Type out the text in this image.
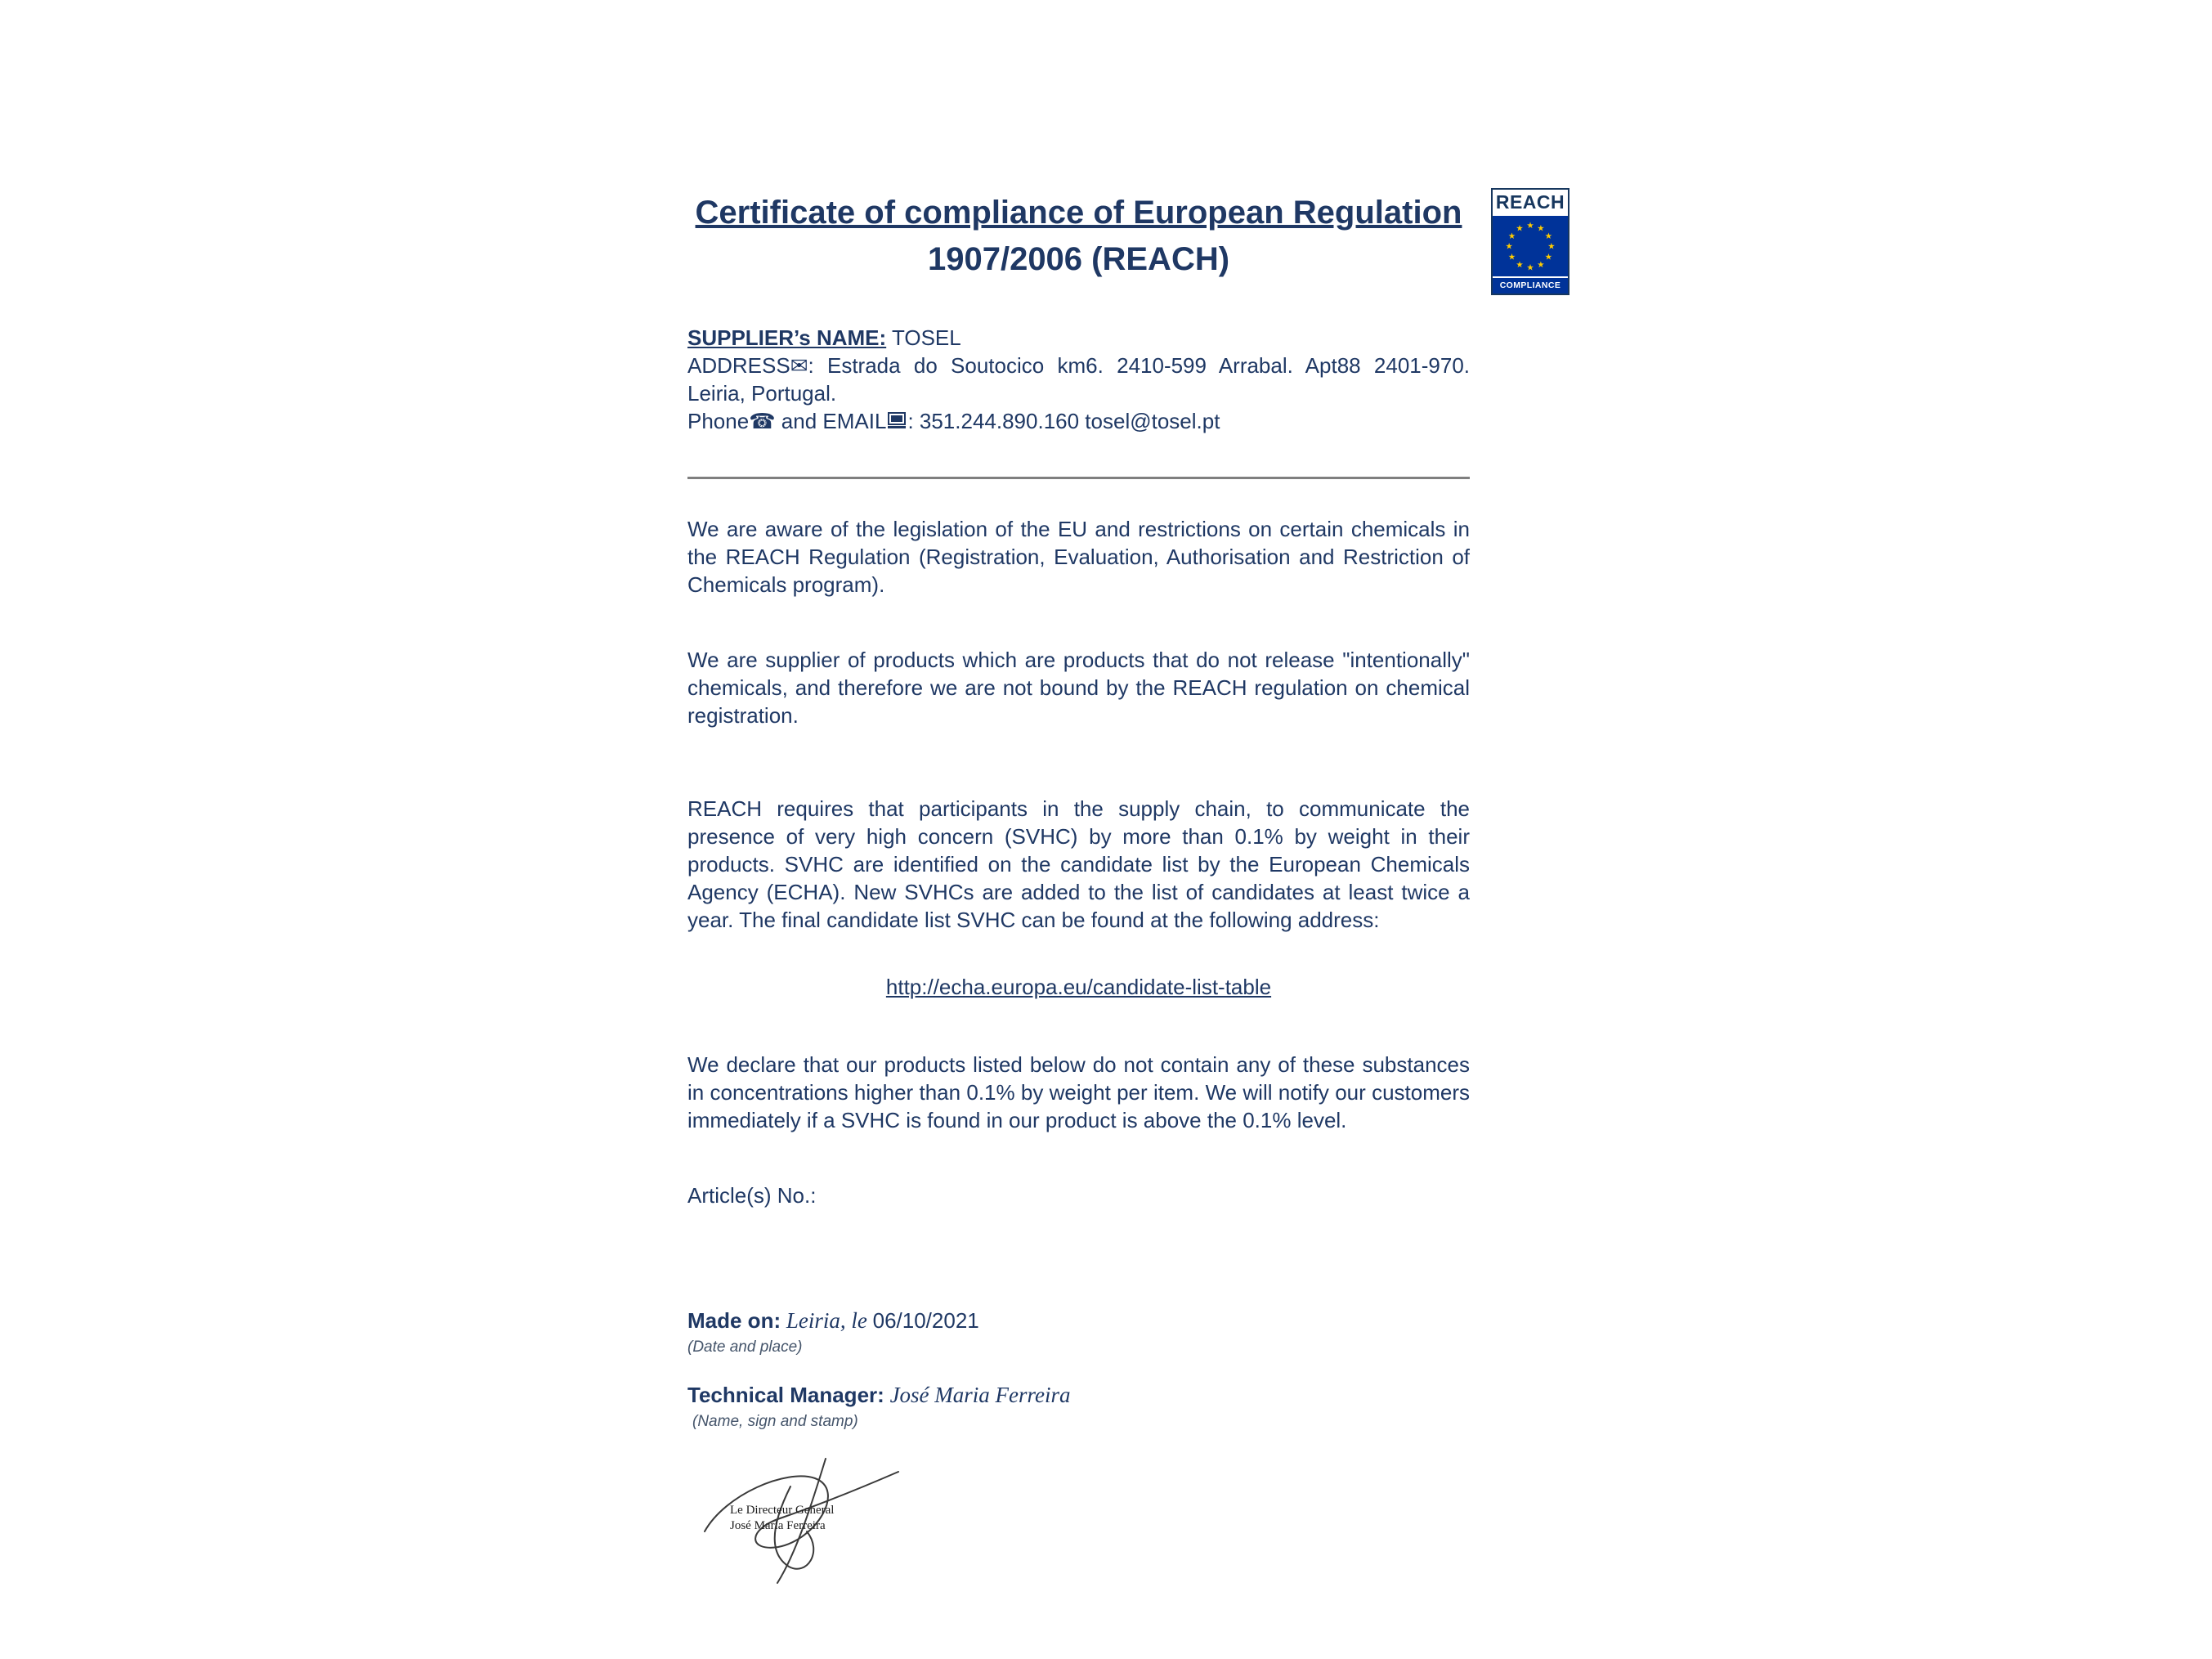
Certificate of compliance of European Regulation
1907/2006 (REACH)

SUPPLIER’s NAME: TOSEL

ADDRESS✉: Estrada do Soutocico km6. 2410-599 Arrabal. Apt88 2401-970. Leiria, Portugal.

Phone☎ and EMAIL : 351.244.890.160 tosel@tosel.pt

We are aware of the legislation of the EU and restrictions on certain chemicals in the REACH Regulation (Registration, Evaluation, Authorisation and Restriction of Chemicals program).

We are supplier of products which are products that do not release "intentionally" chemicals, and therefore we are not bound by the REACH regulation on chemical registration.

REACH requires that participants in the supply chain, to communicate the presence of very high concern (SVHC) by more than 0.1% by weight in their products. SVHC are identified on the candidate list by the European Chemicals Agency (ECHA). New SVHCs are added to the list of candidates at least twice a year. The final candidate list SVHC can be found at the following address:

http://echa.europa.eu/candidate-list-table

We declare that our products listed below do not contain any of these substances in concentrations higher than 0.1% by weight per item. We will notify our customers immediately if a SVHC is found in our product is above the 0.1% level.

Article(s) No.:

Made on: Leiria, le 06/10/2021

(Date and place)

Technical Manager: José Maria Ferreira

(Name, sign and stamp)

Le Directeur General
José Maria Ferreira
REACH
★ ★
★
★
★
★
★
★
★
★
★
★
COMPLIANCE
